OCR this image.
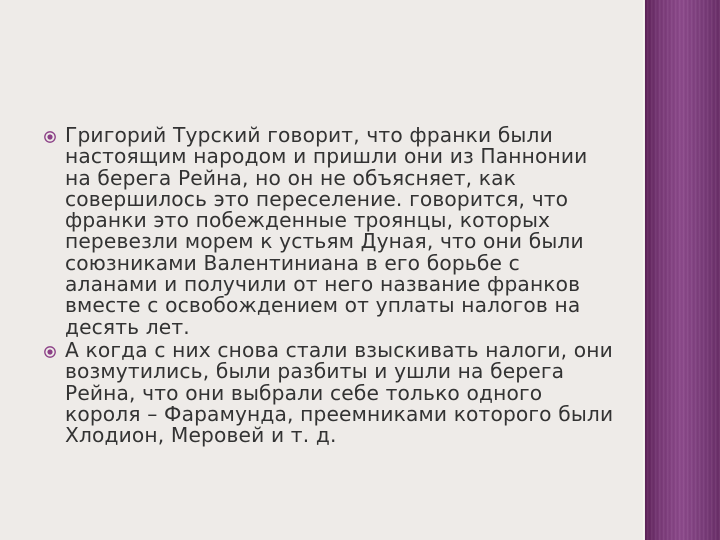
Григорий Турский говорит, что франки были настоящим народом и пришли они из Паннонии на берега Рейна, но он не объясняет, как совершилось это переселение. говорится, что франки это побежденные троянцы, которых перевезли морем к устьям Дуная, что они были союзниками Валентиниана в его борьбе с аланами и получили от него название франков вместе с освобождением от уплаты налогов на десять лет.
А когда с них снова стали взыскивать налоги, они возмутились, были разбиты и ушли на берега Рейна, что они выбрали себе только одного короля – Фарамунда, преемниками которого были Хлодион, Меровей и т. д.
